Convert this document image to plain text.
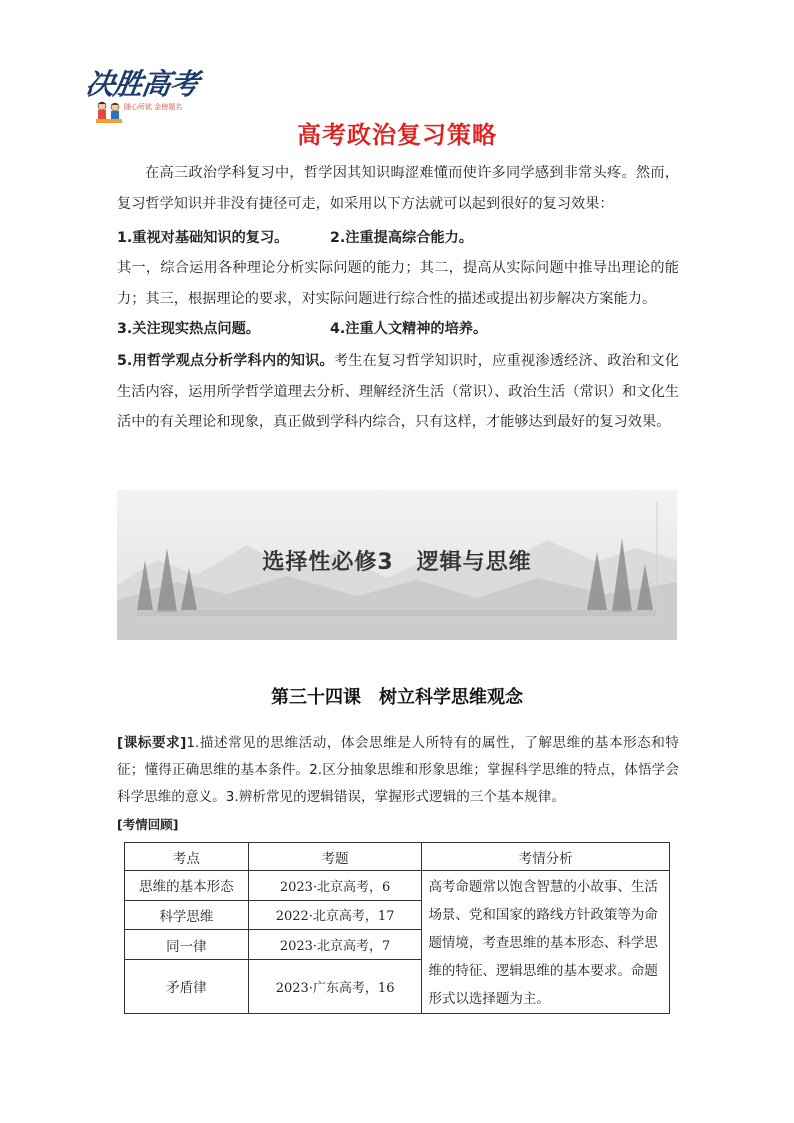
决胜高考
随心所欲 金榜题名
高考政治复习策略
在高三政治学科复习中，哲学因其知识晦涩难懂而使许多同学感到非常头疼。然而，复习哲学知识并非没有捷径可走，如采用以下方法就可以起到很好的复习效果：
1.重视对基础知识的复习。	2.注重提高综合能力。
其一，综合运用各种理论分析实际问题的能力；其二，提高从实际问题中推导出理论的能力；其三，根据理论的要求，对实际问题进行综合性的描述或提出初步解决方案能力。
3.关注现实热点问题。	4.注重人文精神的培养。
5.用哲学观点分析学科内的知识。考生在复习哲学知识时，应重视渗透经济、政治和文化生活内容，运用所学哲学道理去分析、理解经济生活（常识）、政治生活（常识）和文化生活中的有关理论和现象，真正做到学科内综合，只有这样，才能够达到最好的复习效果。
选择性必修3　逻辑与思维
第三十四课　树立科学思维观念
[课标要求]1.描述常见的思维活动，体会思维是人所特有的属性，了解思维的基本形态和特征；懂得正确思维的基本条件。2.区分抽象思维和形象思维；掌握科学思维的特点，体悟学会科学思维的意义。3.辨析常见的逻辑错误，掌握形式逻辑的三个基本规律。
[考情回顾]
考点	考题	考情分析
思维的基本形态	2023·北京高考，6	高考命题常以饱含智慧的小故事、生活场景、党和国家的路线方针政策等为命题情境，考查思维的基本形态、科学思维的特征、逻辑思维的基本要求。命题形式以选择题为主。
科学思维	2022·北京高考，17	
同一律	2023·北京高考，7	
矛盾律	2023·广东高考，16	
